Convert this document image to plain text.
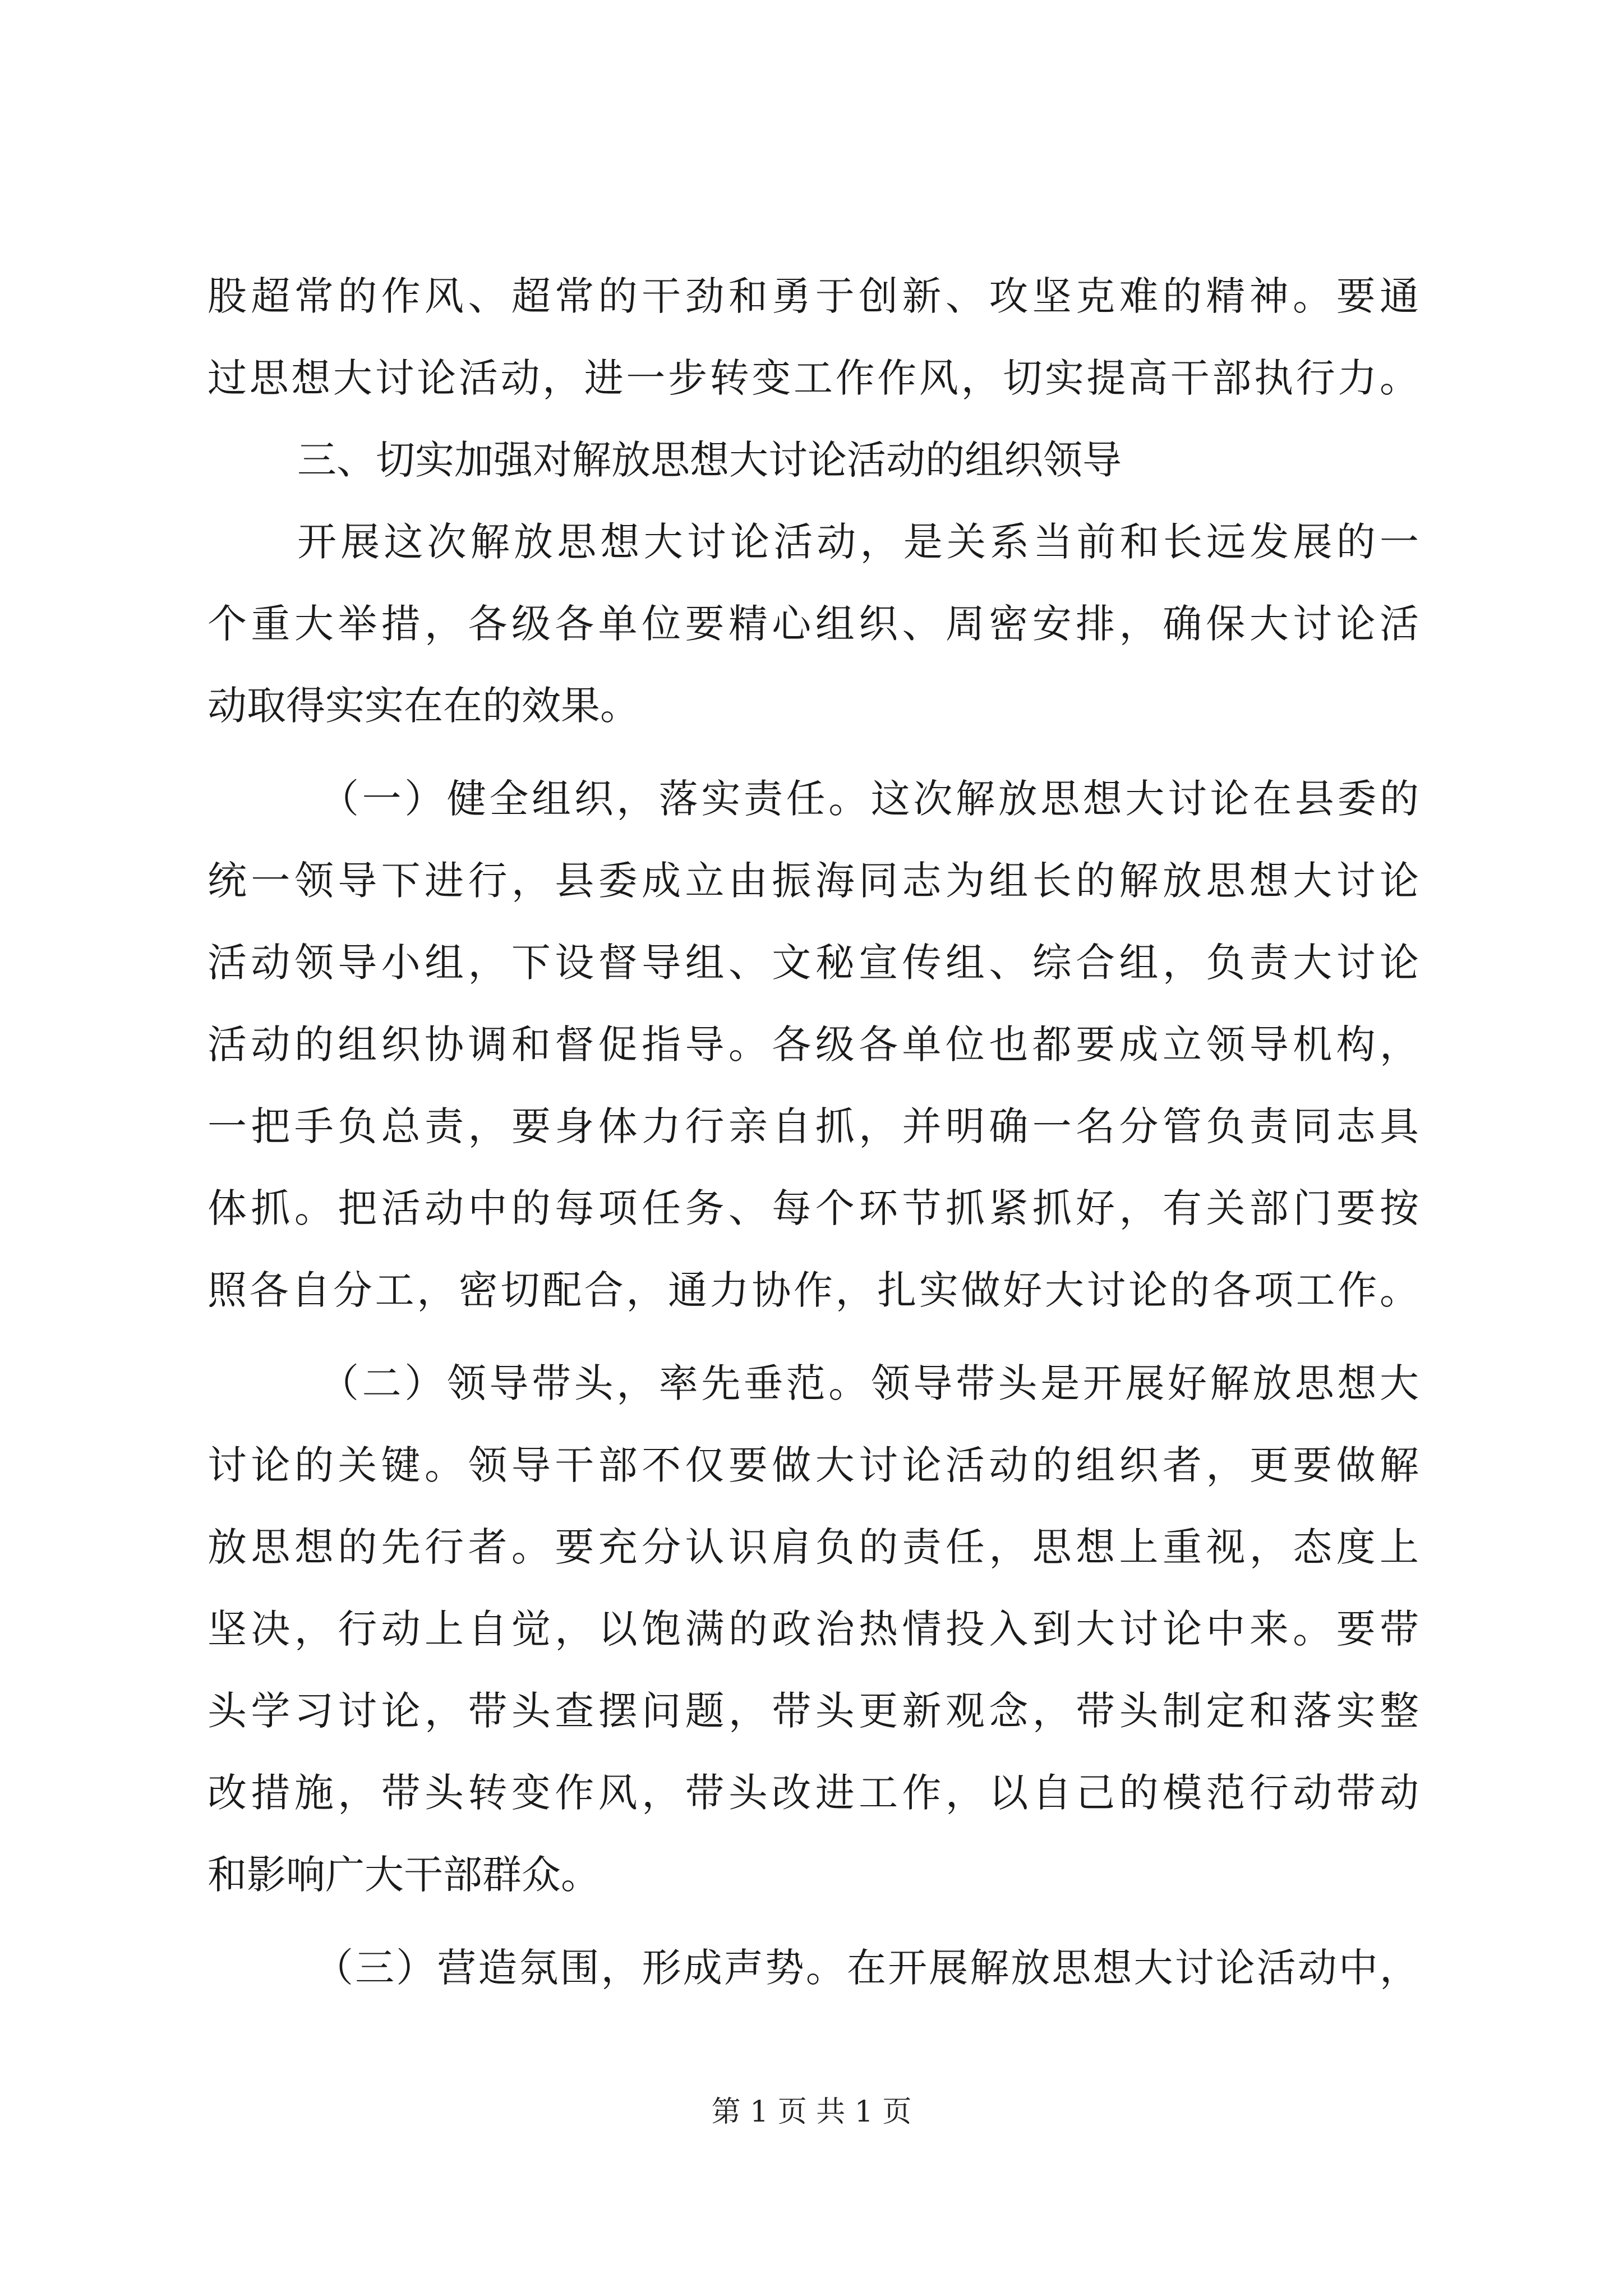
股超常的作风、超常的干劲和勇于创新、攻坚克难的精神。要通
过思想大讨论活动，进一步转变工作作风，切实提高干部执行力。
三、切实加强对解放思想大讨论活动的组织领导
开展这次解放思想大讨论活动，是关系当前和长远发展的一
个重大举措，各级各单位要精心组织、周密安排，确保大讨论活
动取得实实在在的效果。
（一）健全组织，落实责任。这次解放思想大讨论在县委的
统一领导下进行，县委成立由振海同志为组长的解放思想大讨论
活动领导小组，下设督导组、文秘宣传组、综合组，负责大讨论
活动的组织协调和督促指导。各级各单位也都要成立领导机构，
一把手负总责，要身体力行亲自抓，并明确一名分管负责同志具
体抓。把活动中的每项任务、每个环节抓紧抓好，有关部门要按
照各自分工，密切配合，通力协作，扎实做好大讨论的各项工作。
（二）领导带头，率先垂范。领导带头是开展好解放思想大
讨论的关键。领导干部不仅要做大讨论活动的组织者，更要做解
放思想的先行者。要充分认识肩负的责任，思想上重视，态度上
坚决，行动上自觉，以饱满的政治热情投入到大讨论中来。要带
头学习讨论，带头查摆问题，带头更新观念，带头制定和落实整
改措施，带头转变作风，带头改进工作，以自己的模范行动带动
和影响广大干部群众。
（三）营造氛围，形成声势。在开展解放思想大讨论活动中，
第 1 页 共 1 页
